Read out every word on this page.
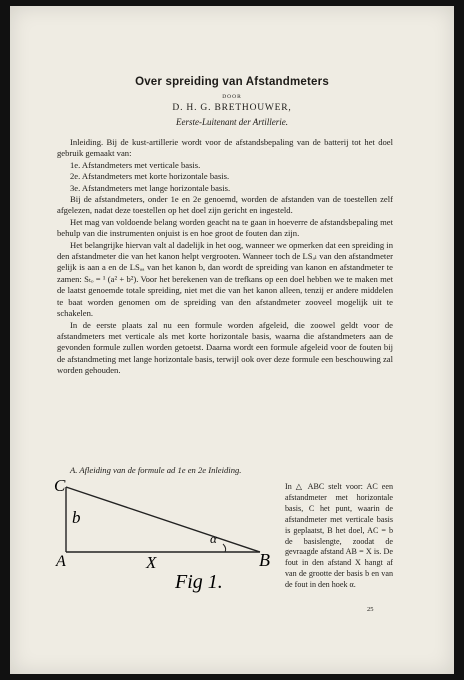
Over spreiding van Afstandmeters
DOOR
D. H. G. BRETHOUWER,
Eerste-Luitenant der Artillerie.

Inleiding. Bij de kust-artillerie wordt voor de afstandsbepaling van de batterij tot het doel gebruik gemaakt van:

1e. Afstandmeters met verticale basis.

2e. Afstandmeters met korte horizontale basis.

3e. Afstandmeters met lange horizontale basis.

Bij de afstandmeters, onder 1e en 2e genoemd, worden de afstanden van de toestellen zelf afgelezen, nadat deze toestellen op het doel zijn gericht en ingesteld.

Het mag van voldoende belang worden geacht na te gaan in hoeverre de afstandsbepaling met behulp van die instrumenten onjuist is en hoe groot de fouten dan zijn.

Het belangrijke hiervan valt al dadelijk in het oog, wanneer we opmerken dat een spreiding in den afstandmeter die van het kanon helpt vergrooten. Wanneer toch de LSₐₗ van den afstandmeter gelijk is aan a en de LSₐₐ van het kanon b, dan wordt de spreiding van kanon en afstandmeter te zamen: Sₜₒ = ¹ (a² + b²). Voor het berekenen van de trefkans op een doel hebben we te maken met de laatst genoemde totale spreiding, niet met die van het kanon alleen, tenzij er andere middelen te baat worden genomen om de spreiding van den afstandmeter zooveel mogelijk uit te schakelen.

In de eerste plaats zal nu een formule worden afgeleid, die zoowel geldt voor de afstandmeters met verticale als met korte horizontale basis, waarna die afstandmeters aan de gevonden formule zullen worden getoetst. Daarna wordt een formule afgeleid voor de fouten bij de afstandmeting met lange horizontale basis, terwijl ook over deze formule een beschouwing zal worden gehouden.

A. Afleiding van de formule ad 1e en 2e Inleiding.
C
A	B
b
X
α
Fig 1.
In △ ABC stelt voor: AC een afstandmeter met horizontale basis, C het punt, waarin de afstandmeter met verticale basis is geplaatst, B het doel, AC = b de basislengte, zoodat de gevraagde afstand AB = X is. De fout in den afstand X hangt af van de grootte der basis b en van de fout in den hoek α.
25
